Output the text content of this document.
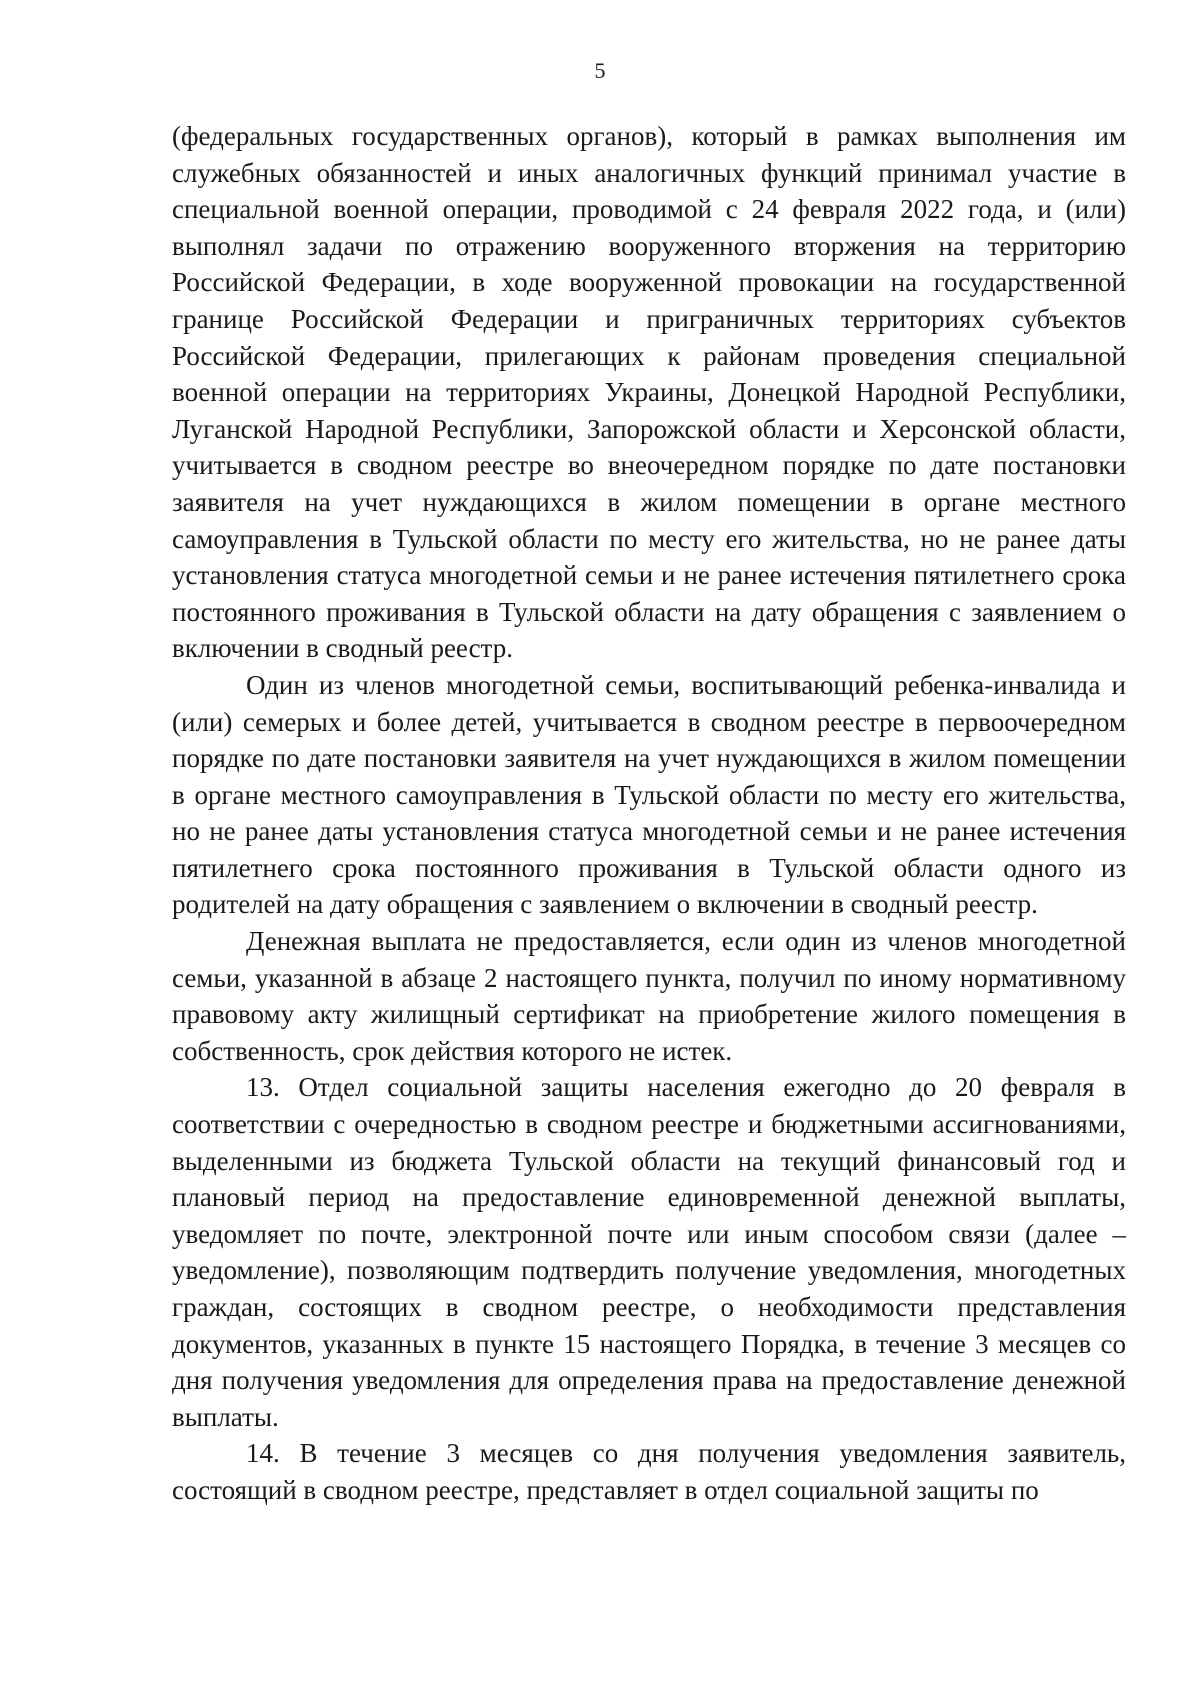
5

(федеральных государственных органов), который в рамках выполнения им служебных обязанностей и иных аналогичных функций принимал участие в специальной военной операции, проводимой с 24 февраля 2022 года, и (или) выполнял задачи по отражению вооруженного вторжения на территорию Российской Федерации, в ходе вооруженной провокации на государственной границе Российской Федерации и приграничных территориях субъектов Российской Федерации, прилегающих к районам проведения специальной военной операции на территориях Украины, Донецкой Народной Республики, Луганской Народной Республики, Запорожской области и Херсонской области, учитывается в сводном реестре во внеочередном порядке по дате постановки заявителя на учет нуждающихся в жилом помещении в органе местного самоуправления в Тульской области по месту его жительства, но не ранее даты установления статуса многодетной семьи и не ранее истечения пятилетнего срока постоянного проживания в Тульской области на дату обращения с заявлением о включении в сводный реестр.

Один из членов многодетной семьи, воспитывающий ребенка-инвалида и (или) семерых и более детей, учитывается в сводном реестре в первоочередном порядке по дате постановки заявителя на учет нуждающихся в жилом помещении в органе местного самоуправления в Тульской области по месту его жительства, но не ранее даты установления статуса многодетной семьи и не ранее истечения пятилетнего срока постоянного проживания в Тульской области одного из родителей на дату обращения с заявлением о включении в сводный реестр.

Денежная выплата не предоставляется, если один из членов многодетной семьи, указанной в абзаце 2 настоящего пункта, получил по иному нормативному правовому акту жилищный сертификат на приобретение жилого помещения в собственность, срок действия которого не истек.

13. Отдел социальной защиты населения ежегодно до 20 февраля в соответствии с очередностью в сводном реестре и бюджетными ассигнованиями, выделенными из бюджета Тульской области на текущий финансовый год и плановый период на предоставление единовременной денежной выплаты, уведомляет по почте, электронной почте или иным способом связи (далее – уведомление), позволяющим подтвердить получение уведомления, многодетных граждан, состоящих в сводном реестре, о необходимости представления документов, указанных в пункте 15 настоящего Порядка, в течение 3 месяцев со дня получения уведомления для определения права на предоставление денежной выплаты.

14. В течение 3 месяцев со дня получения уведомления заявитель, состоящий в сводном реестре, представляет в отдел социальной защиты по
